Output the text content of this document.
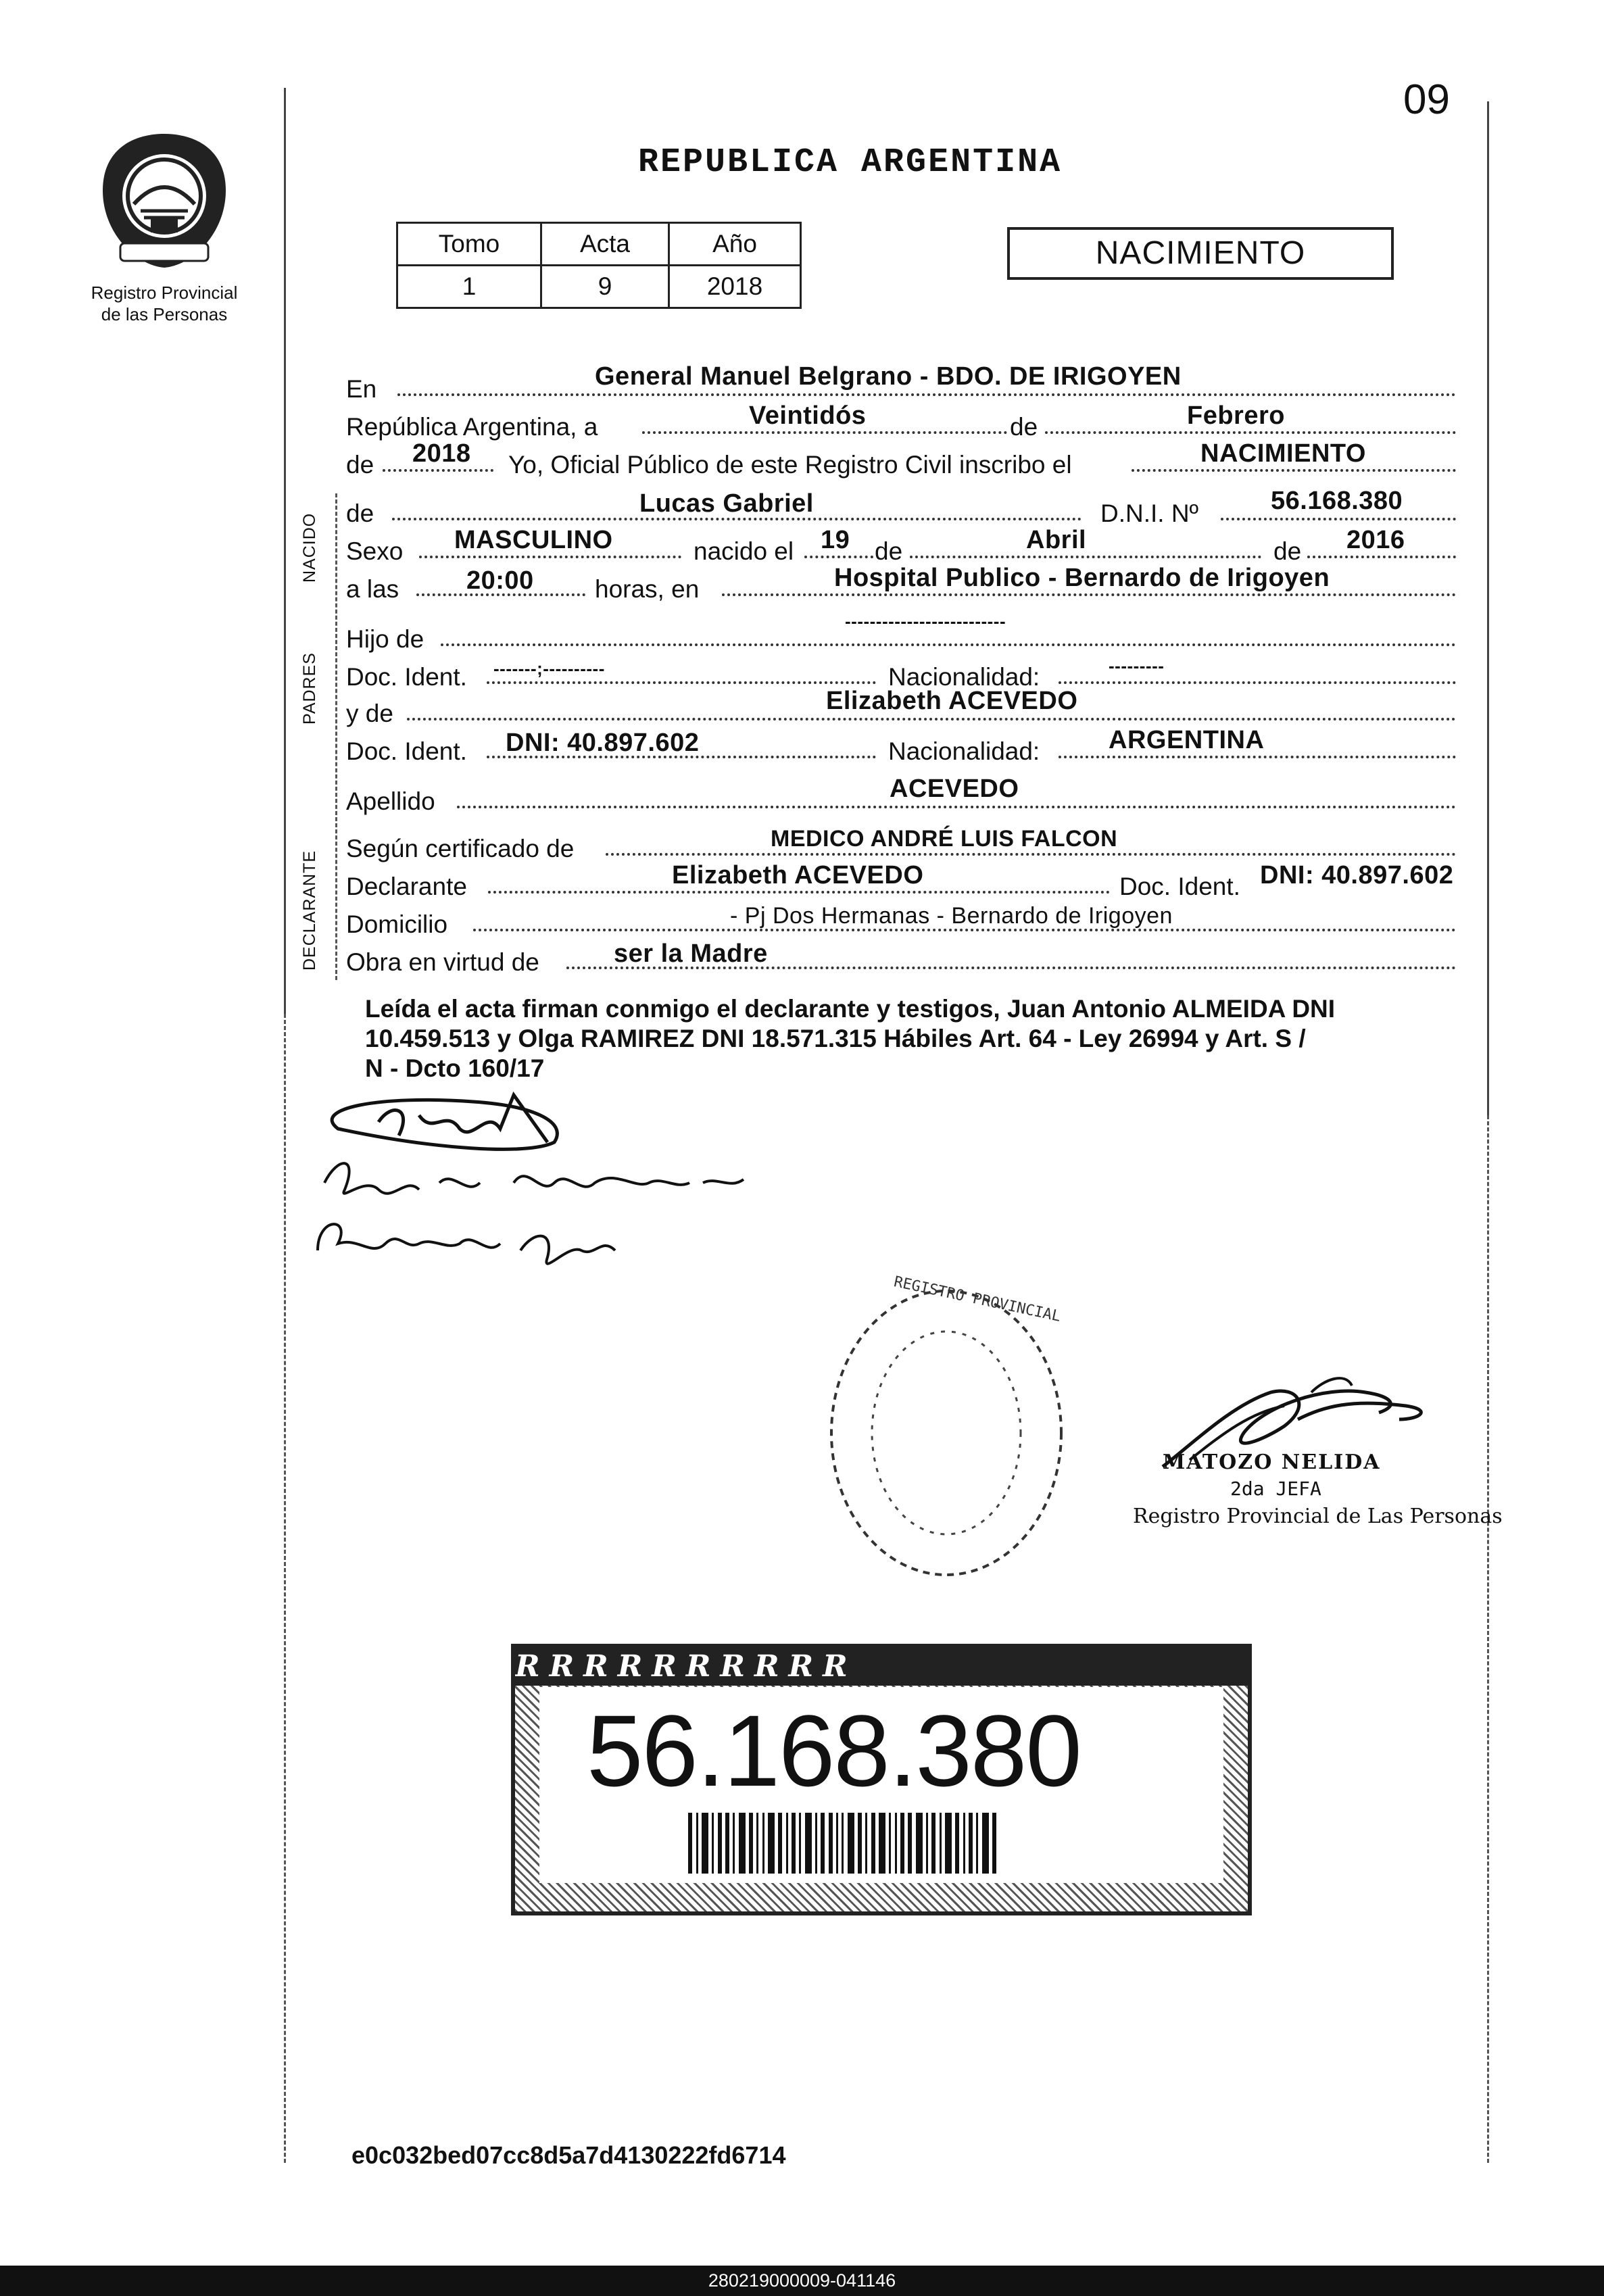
09
Registro Provincial
de las Personas
REPUBLICA ARGENTINA
Tomo	Acta	Año
1	9	2018
NACIMIENTO
NACIDO
PADRES
DECLARANTE
En	General Manuel Belgrano - BDO. DE IRIGOYEN
República Argentina, a	Veintidós	de	Febrero
de 2018 Yo, Oficial Público de este Registro Civil inscribo el	NACIMIENTO
de	Lucas Gabriel	D.N.I. Nº	56.168.380
Sexo MASCULINO	nacido el 19 de	Abril	de 2016
a las	20:00 horas, en	Hospital Publico - Bernardo de Irigoyen
Hijo de
--------------------------
Doc. Ident. -------;----------	Nacionalidad:	---------
y de	Elizabeth ACEVEDO
Doc. Ident. DNI: 40.897.602	Nacionalidad:	ARGENTINA
Apellido	ACEVEDO
Según certificado de	MEDICO ANDRÉ LUIS FALCON
Declarante	Elizabeth ACEVEDO	Doc. Ident. DNI: 40.897.602
Domicilio	- Pj Dos Hermanas - Bernardo de Irigoyen
Obra en virtud de	ser la Madre
Leída el acta firman conmigo el declarante y testigos, Juan Antonio ALMEIDA DNI
10.459.513 y Olga RAMIREZ DNI 18.571.315 Hábiles Art. 64 - Ley 26994 y Art. S /
N - Dcto 160/17
REGISTRO PROVINCIAL
MATOZO NELIDA
2da JEFA
Registro Provincial de Las Personas
RRRRRRRRRR
56.168.380
e0c032bed07cc8d5a7d4130222fd6714
280219000009-041146
